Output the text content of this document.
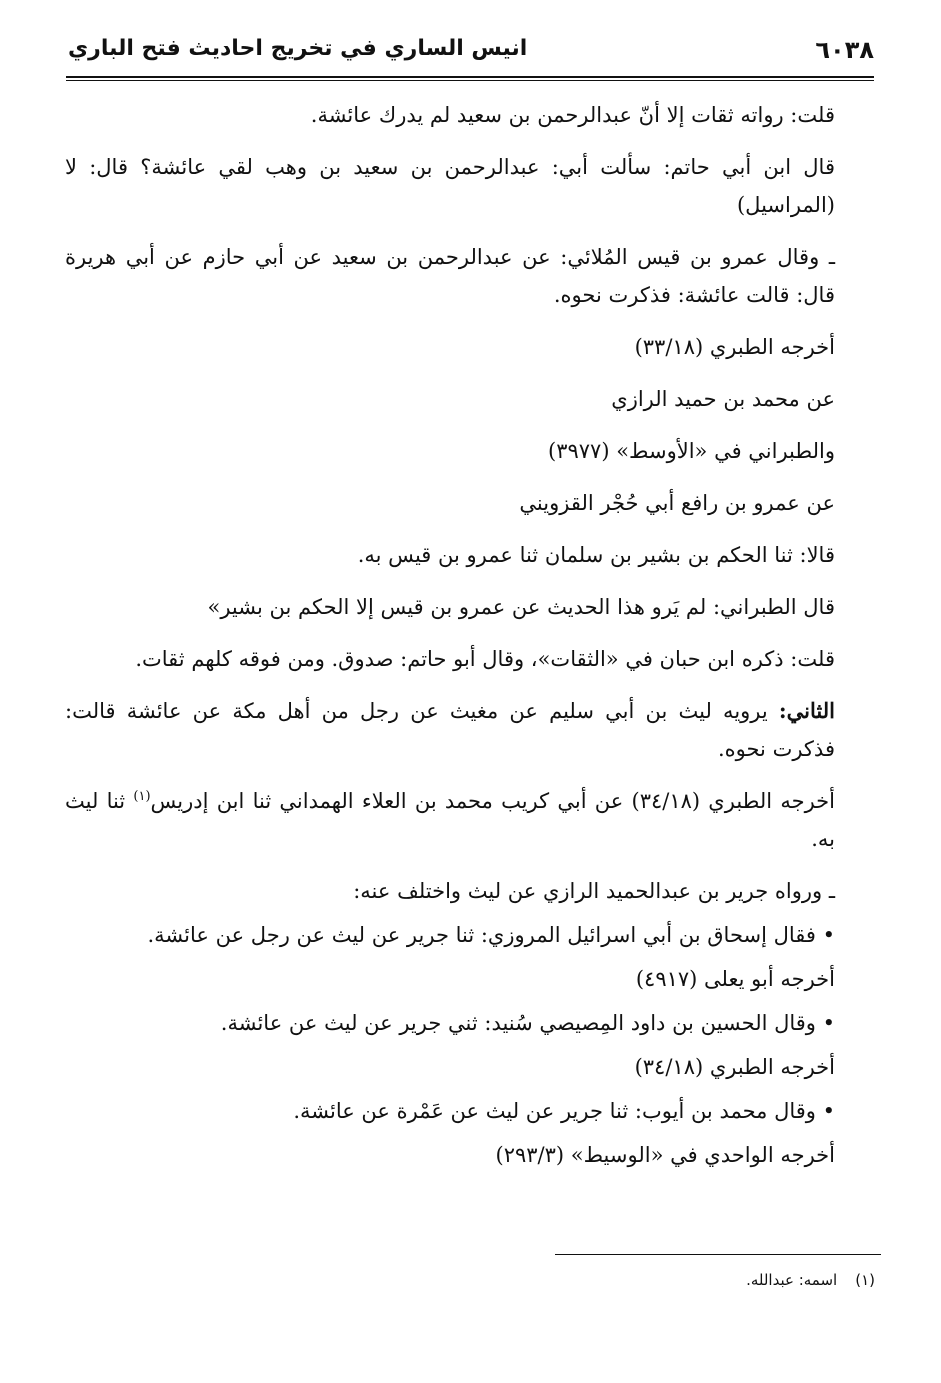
٦٠٣٨
انيس الساري في تخريج احاديث فتح الباري

قلت: رواته ثقات إلا أنّ عبدالرحمن بن سعيد لم يدرك عائشة.

قال ابن أبي حاتم: سألت أبي: عبدالرحمن بن سعيد بن وهب لقي عائشة؟ قال: لا (المراسيل)

ـ وقال عمرو بن قيس المُلائي: عن عبدالرحمن بن سعيد عن أبي حازم عن أبي هريرة قال: قالت عائشة: فذكرت نحوه.

أخرجه الطبري (٣٣/١٨)

عن محمد بن حميد الرازي

والطبراني في «الأوسط» (٣٩٧٧)

عن عمرو بن رافع أبي حُجْر القزويني

قالا: ثنا الحكم بن بشير بن سلمان ثنا عمرو بن قيس به.

قال الطبراني: لم يَرو هذا الحديث عن عمرو بن قيس إلا الحكم بن بشير»

قلت: ذكره ابن حبان في «الثقات»، وقال أبو حاتم: صدوق. ومن فوقه كلهم ثقات.

الثاني: يرويه ليث بن أبي سليم عن مغيث عن رجل من أهل مكة عن عائشة قالت: فذكرت نحوه.

أخرجه الطبري (٣٤/١٨) عن أبي كريب محمد بن العلاء الهمداني ثنا ابن إدريس$^{(١)}$ ثنا ليث به.

ـ ورواه جرير بن عبدالحميد الرازي عن ليث واختلف عنه:

• فقال إسحاق بن أبي اسرائيل المروزي: ثنا جرير عن ليث عن رجل عن عائشة.

أخرجه أبو يعلى (٤٩١٧)

• وقال الحسين بن داود المِصيصي سُنيد: ثني جرير عن ليث عن عائشة.

أخرجه الطبري (٣٤/١٨)

• وقال محمد بن أيوب: ثنا جرير عن ليث عن عَمْرة عن عائشة.

أخرجه الواحدي في «الوسيط» (٢٩٣/٣)

(١)اسمه: عبدالله.
